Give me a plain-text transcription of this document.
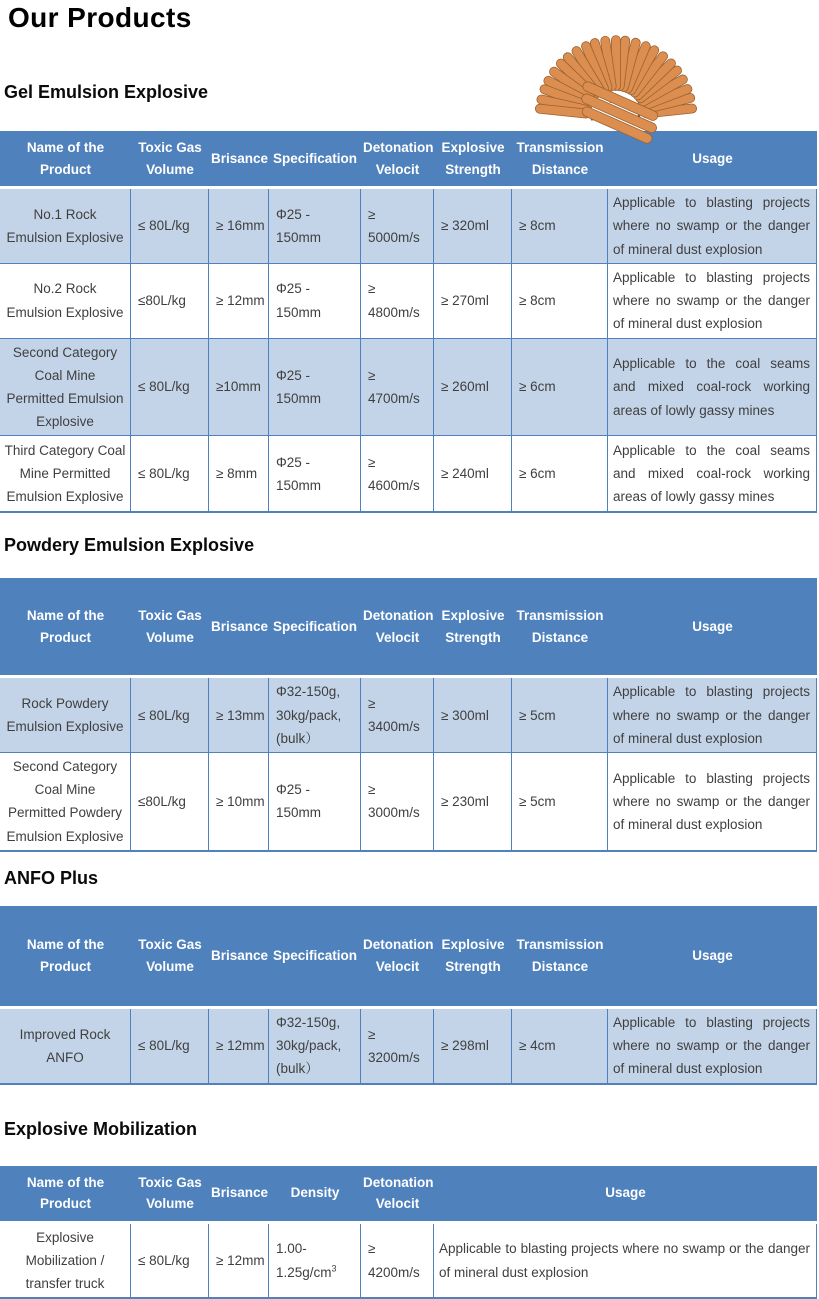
Our Products
Gel Emulsion Explosive
Name of the Product	Toxic Gas Volume	Brisance	Specification	Detonation Velocit	Explosive Strength	Transmission Distance	Usage
No.1 Rock Emulsion Explosive	≤ 80L/kg	≥ 16mm	Φ25 - 150mm	≥ 5000m/s	≥ 320ml	≥ 8cm	Applicable to blasting projects where no swamp or the danger of mineral dust explosion
No.2 Rock Emulsion Explosive	≤80L/kg	≥ 12mm	Φ25 - 150mm	≥ 4800m/s	≥ 270ml	≥ 8cm	Applicable to blasting projects where no swamp or the danger of mineral dust explosion
Second Category Coal Mine Permitted Emulsion Explosive	≤ 80L/kg	≥10mm	Φ25 - 150mm	≥ 4700m/s	≥ 260ml	≥ 6cm	Applicable to the coal seams and mixed coal-rock working areas of lowly gassy mines
Third Category Coal Mine Permitted Emulsion Explosive	≤ 80L/kg	≥ 8mm	Φ25 - 150mm	≥ 4600m/s	≥ 240ml	≥ 6cm	Applicable to the coal seams and mixed coal-rock working areas of lowly gassy mines
Powdery Emulsion Explosive
Name of the Product	Toxic Gas Volume	Brisance	Specification	Detonation Velocit	Explosive Strength	Transmission Distance	Usage
Rock Powdery Emulsion Explosive	≤ 80L/kg	≥ 13mm	Φ32-150g, 30kg/pack,(bulk）	≥ 3400m/s	≥ 300ml	≥ 5cm	Applicable to blasting projects where no swamp or the danger of mineral dust explosion
Second Category Coal Mine Permitted Powdery Emulsion Explosive	≤80L/kg	≥ 10mm	Φ25 - 150mm	≥ 3000m/s	≥ 230ml	≥ 5cm	Applicable to blasting projects where no swamp or the danger of mineral dust explosion
ANFO Plus
Name of the Product	Toxic Gas Volume	Brisance	Specification	Detonation Velocit	Explosive Strength	Transmission Distance	Usage
Improved Rock ANFO	≤ 80L/kg	≥ 12mm	Φ32-150g, 30kg/pack,(bulk）	≥ 3200m/s	≥ 298ml	≥ 4cm	Applicable to blasting projects where no swamp or the danger of mineral dust explosion
Explosive Mobilization
Name of the Product	Toxic Gas Volume	Brisance	Density	Detonation Velocit	Usage
Explosive Mobilization / transfer truck	≤ 80L/kg	≥ 12mm	$1.00-1.25g/cm^3$	≥ 4200m/s	Applicable to blasting projects where no swamp or the danger of mineral dust explosion
